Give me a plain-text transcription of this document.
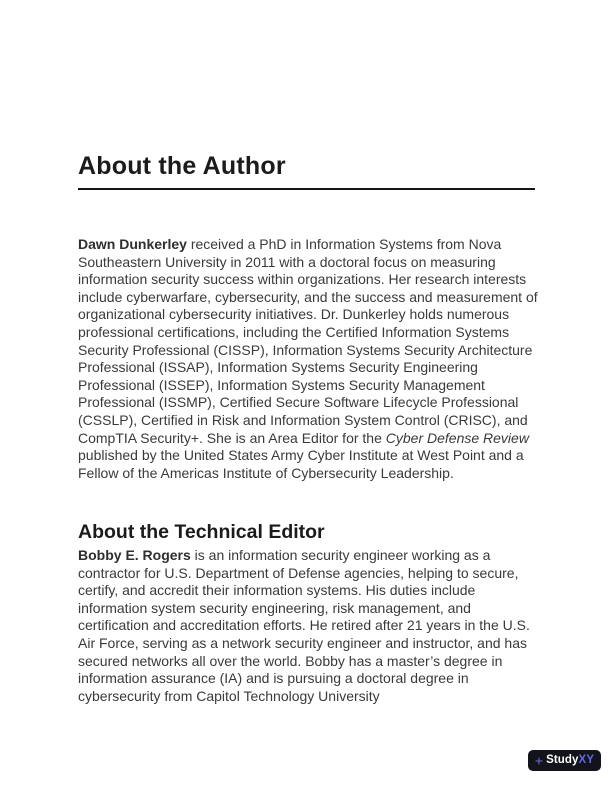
About the Author

Dawn Dunkerley received a PhD in Information Systems from Nova Southeastern University in 2011 with a doctoral focus on measuring information security success within organizations. Her research interests include cyberwarfare, cybersecurity, and the success and measurement of organizational cybersecurity initiatives. Dr. Dunkerley holds numerous professional certifications, including the Certified Information Systems Security Professional (CISSP), Information Systems Security Architecture Professional (ISSAP), Information Systems Security Engineering Professional (ISSEP), Information Systems Security Management Professional (ISSMP), Certified Secure Software Lifecycle Professional (CSSLP), Certified in Risk and Information System Control (CRISC), and CompTIA Security+. She is an Area Editor for the Cyber Defense Review published by the United States Army Cyber Institute at West Point and a Fellow of the Americas Institute of Cybersecurity Leadership.

About the Technical Editor

Bobby E. Rogers is an information security engineer working as a contractor for U.S. Department of Defense agencies, helping to secure, certify, and accredit their information systems. His duties include information system security engineering, risk management, and certification and accreditation efforts. He retired after 21 years in the U.S. Air Force, serving as a network security engineer and instructor, and has secured networks all over the world. Bobby has a master’s degree in information assurance (IA) and is pursuing a doctoral degree in cybersecurity from Capitol Technology University

+ StudyXY
